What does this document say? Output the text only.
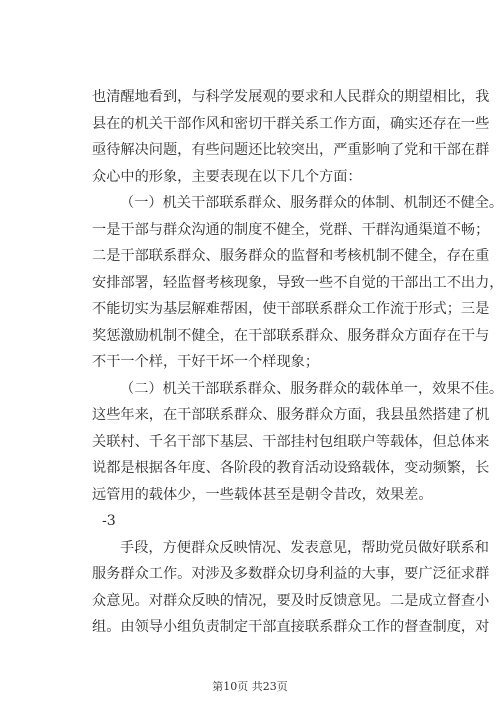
也清醒地看到，与科学发展观的要求和人民群众的期望相比，我
县在的机关干部作风和密切干群关系工作方面，确实还存在一些
亟待解决问题，有些问题还比较突出，严重影响了党和干部在群
众心中的形象，主要表现在以下几个方面：
（一）机关干部联系群众、服务群众的体制、机制还不健全。
一是干部与群众沟通的制度不健全，党群、干群沟通渠道不畅；
二是干部联系群众、服务群众的监督和考核机制不健全，存在重
安排部署，轻监督考核现象，导致一些不自觉的干部出工不出力，
不能切实为基层解难帮困，使干部联系群众工作流于形式；三是
奖惩激励机制不健全，在干部联系群众、服务群众方面存在干与
不干一个样，干好干坏一个样现象；
（二）机关干部联系群众、服务群众的载体单一，效果不佳。
这些年来，在干部联系群众、服务群众方面，我县虽然搭建了机
关联村、千名干部下基层、干部挂村包组联户等载体，但总体来
说都是根据各年度、各阶段的教育活动设臵载体，变动频繁，长
远管用的载体少，一些载体甚至是朝令昔改，效果差。
-3
手段，方便群众反映情况、发表意见，帮助党员做好联系和
服务群众工作。对涉及多数群众切身利益的大事，要广泛征求群
众意见。对群众反映的情况，要及时反馈意见。二是成立督查小
组。由领导小组负责制定干部直接联系群众工作的督查制度，对
第10页 共23页
